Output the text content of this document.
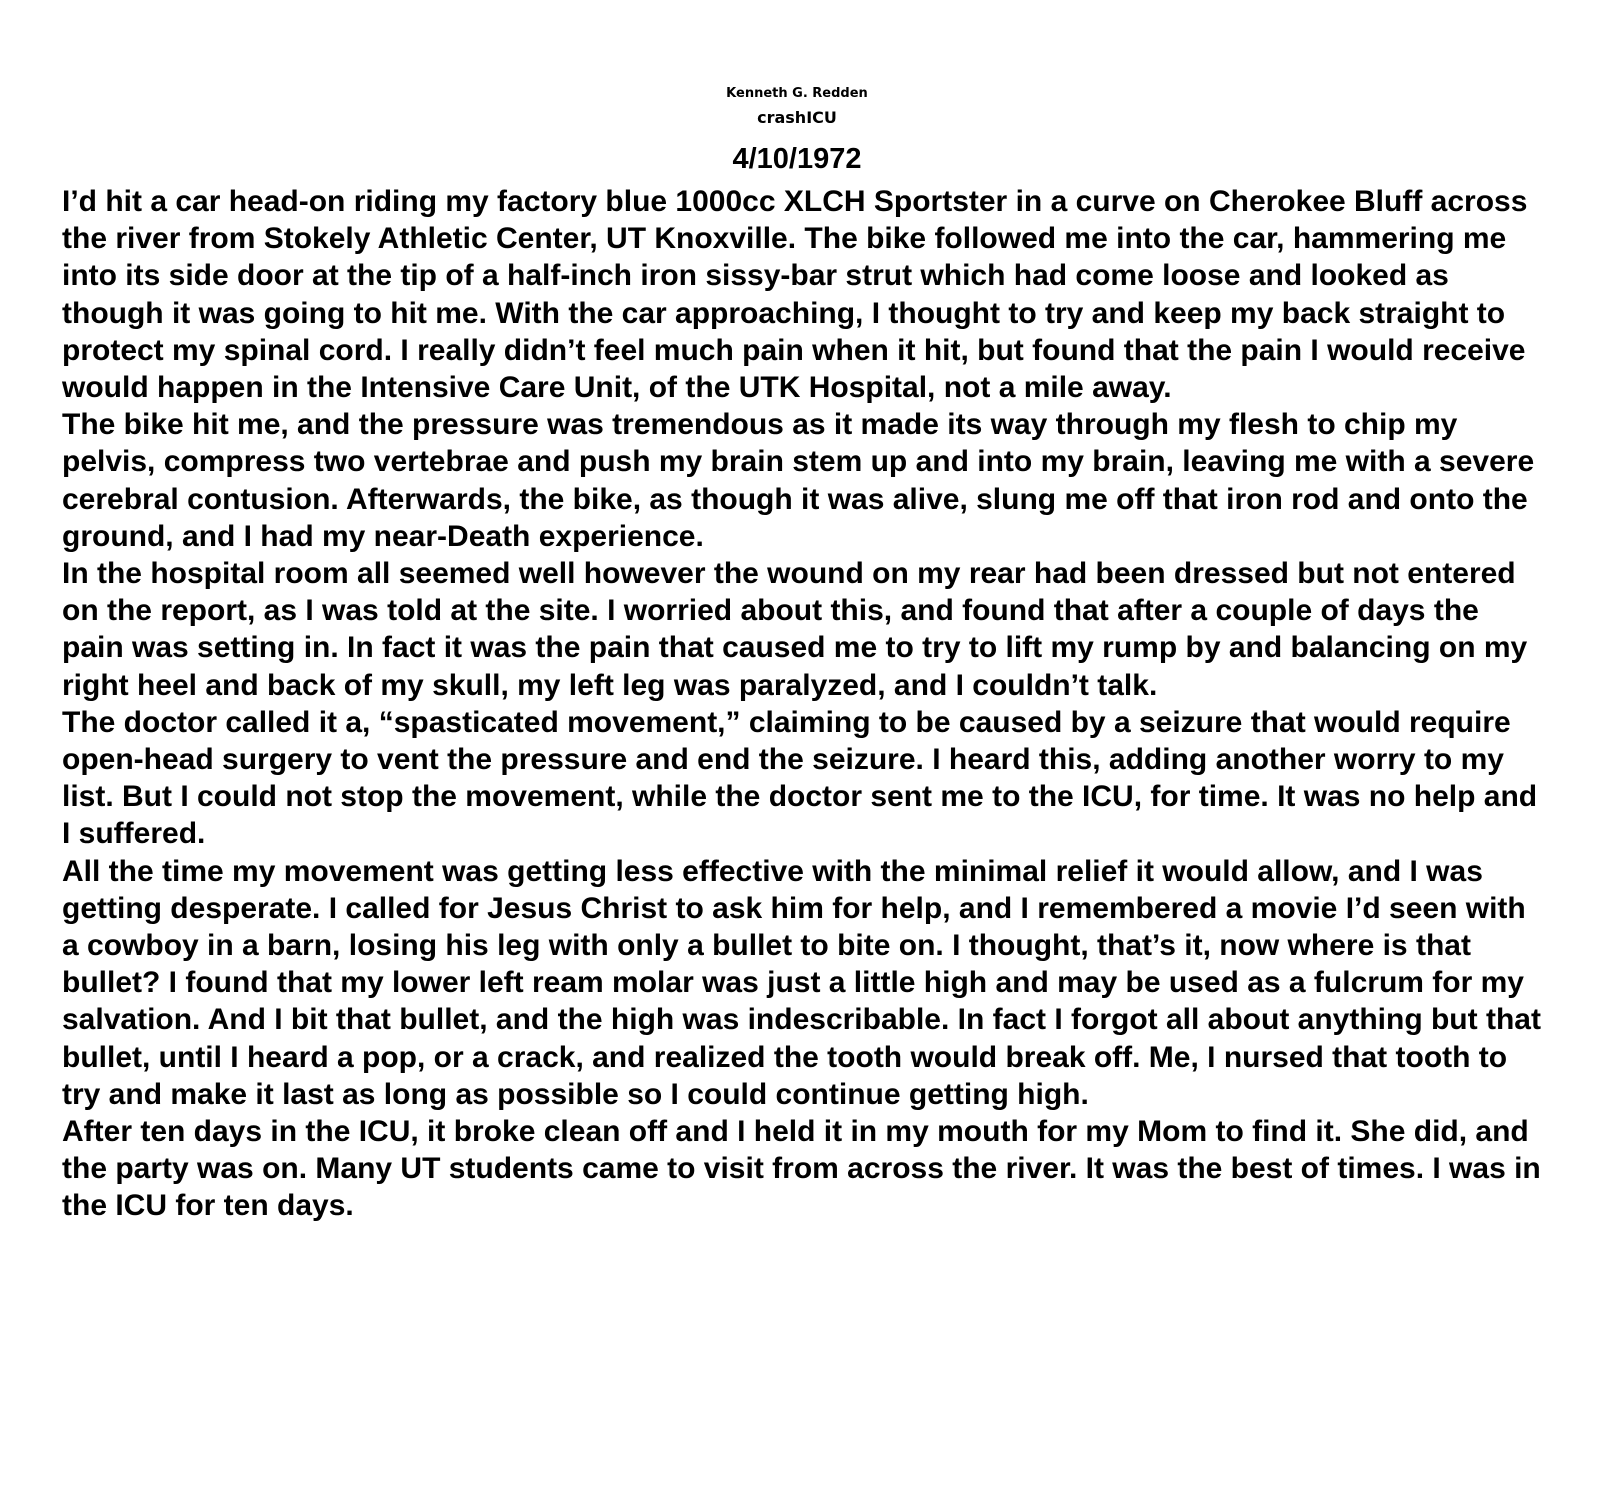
Kenneth G. Redden
crashICU
4/10/1972

I’d hit a car head-on riding my factory blue 1000cc XLCH Sportster in a curve on Cherokee Bluff across the river from Stokely Athletic Center, UT Knoxville. The bike followed me into the car, hammering me into its side door at the tip of a half-inch iron sissy-bar strut which had come loose and looked as though it was going to hit me. With the car approaching, I thought to try and keep my back straight to protect my spinal cord. I really didn’t feel much pain when it hit, but found that the pain I would receive would happen in the Intensive Care Unit, of the UTK Hospital, not a mile away.

The bike hit me, and the pressure was tremendous as it made its way through my flesh to chip my pelvis, compress two vertebrae and push my brain stem up and into my brain, leaving me with a severe cerebral contusion. Afterwards, the bike, as though it was alive, slung me off that iron rod and onto the ground, and I had my near-Death experience.

In the hospital room all seemed well however the wound on my rear had been dressed but not entered on the report, as I was told at the site. I worried about this, and found that after a couple of days the pain was setting in. In fact it was the pain that caused me to try to lift my rump by and balancing on my right heel and back of my skull, my left leg was paralyzed, and I couldn’t talk.

The doctor called it a, “spasticated movement,” claiming to be caused by a seizure that would require open-head surgery to vent the pressure and end the seizure. I heard this, adding another worry to my list. But I could not stop the movement, while the doctor sent me to the ICU, for time. It was no help and I suffered.

All the time my movement was getting less effective with the minimal relief it would allow, and I was getting desperate. I called for Jesus Christ to ask him for help, and I remembered a movie I’d seen with a cowboy in a barn, losing his leg with only a bullet to bite on. I thought, that’s it, now where is that bullet? I found that my lower left ream molar was just a little high and may be used as a fulcrum for my salvation. And I bit that bullet, and the high was indescribable. In fact I forgot all about anything but that bullet, until I heard a pop, or a crack, and realized the tooth would break off. Me, I nursed that tooth to try and make it last as long as possible so I could continue getting high.

After ten days in the ICU, it broke clean off and I held it in my mouth for my Mom to find it. She did, and the party was on. Many UT students came to visit from across the river. It was the best of times. I was in the ICU for ten days.
